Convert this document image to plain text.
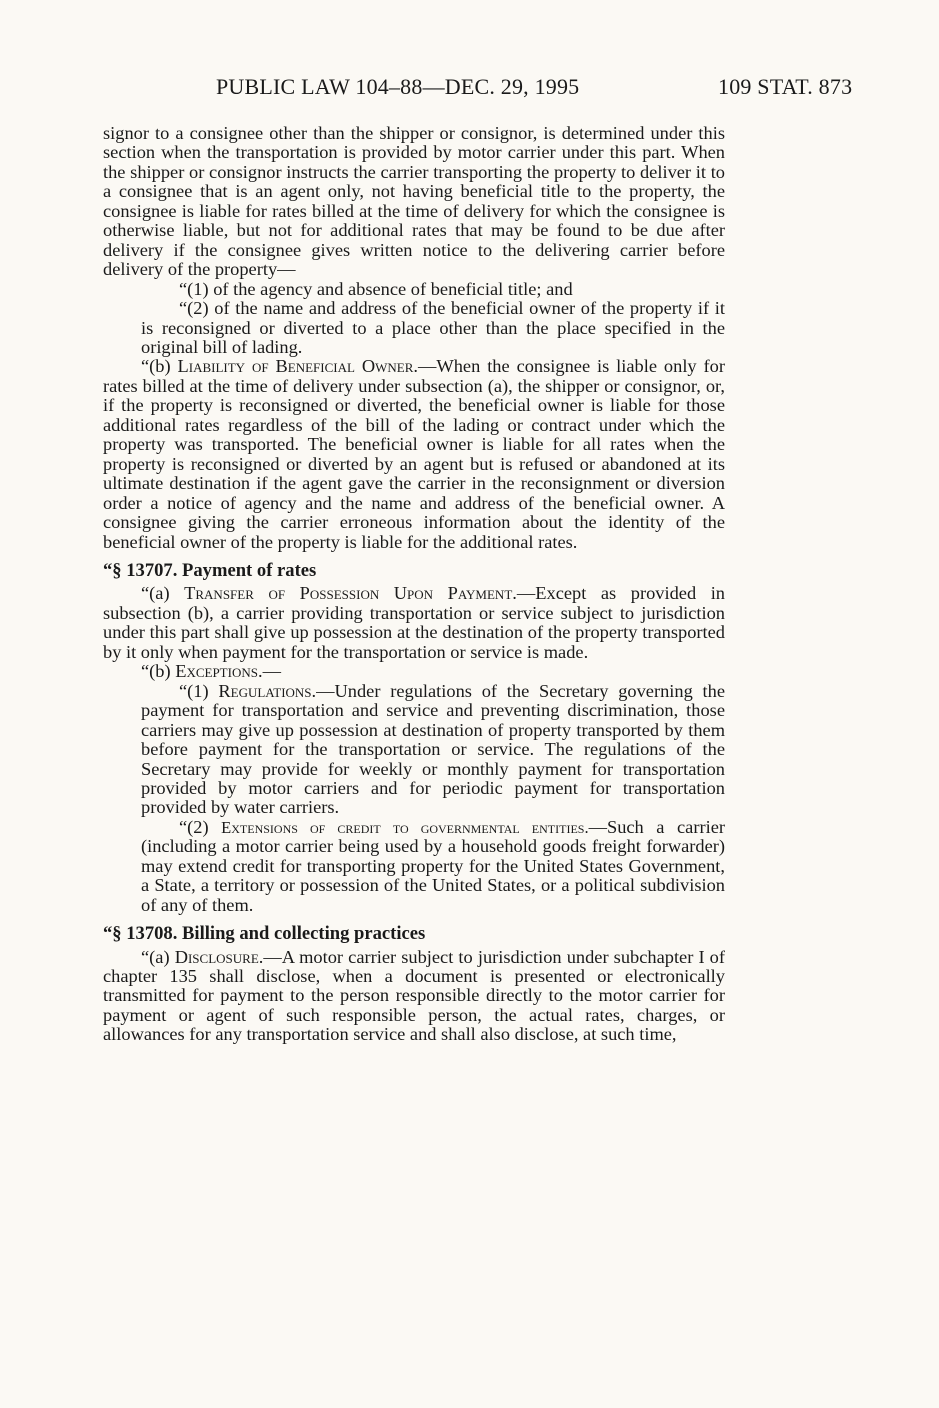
PUBLIC LAW 104–88—DEC. 29, 1995	109 STAT. 873

signor to a consignee other than the shipper or consignor, is determined under this section when the transportation is provided by motor carrier under this part. When the shipper or consignor instructs the carrier transporting the property to deliver it to a consignee that is an agent only, not having beneficial title to the property, the consignee is liable for rates billed at the time of delivery for which the consignee is otherwise liable, but not for additional rates that may be found to be due after delivery if the consignee gives written notice to the delivering carrier before delivery of the property—

“(1) of the agency and absence of beneficial title; and

“(2) of the name and address of the beneficial owner of the property if it is reconsigned or diverted to a place other than the place specified in the original bill of lading.

“(b) Liability of Beneficial Owner.—When the consignee is liable only for rates billed at the time of delivery under subsection (a), the shipper or consignor, or, if the property is reconsigned or diverted, the beneficial owner is liable for those additional rates regardless of the bill of the lading or contract under which the property was transported. The beneficial owner is liable for all rates when the property is reconsigned or diverted by an agent but is refused or abandoned at its ultimate destination if the agent gave the carrier in the reconsignment or diversion order a notice of agency and the name and address of the beneficial owner. A consignee giving the carrier erroneous information about the identity of the beneficial owner of the property is liable for the additional rates.

“§ 13707. Payment of rates

“(a) Transfer of Possession Upon Payment.—Except as provided in subsection (b), a carrier providing transportation or service subject to jurisdiction under this part shall give up possession at the destination of the property transported by it only when payment for the transportation or service is made.

“(b) Exceptions.—

“(1) Regulations.—Under regulations of the Secretary governing the payment for transportation and service and preventing discrimination, those carriers may give up possession at destination of property transported by them before payment for the transportation or service. The regulations of the Secretary may provide for weekly or monthly payment for transportation provided by motor carriers and for periodic payment for transportation provided by water carriers.

“(2) Extensions of credit to governmental entities.—Such a carrier (including a motor carrier being used by a household goods freight forwarder) may extend credit for transporting property for the United States Government, a State, a territory or possession of the United States, or a political subdivision of any of them.

“§ 13708. Billing and collecting practices

“(a) Disclosure.—A motor carrier subject to jurisdiction under subchapter I of chapter 135 shall disclose, when a document is presented or electronically transmitted for payment to the person responsible directly to the motor carrier for payment or agent of such responsible person, the actual rates, charges, or allowances for any transportation service and shall also disclose, at such time,
